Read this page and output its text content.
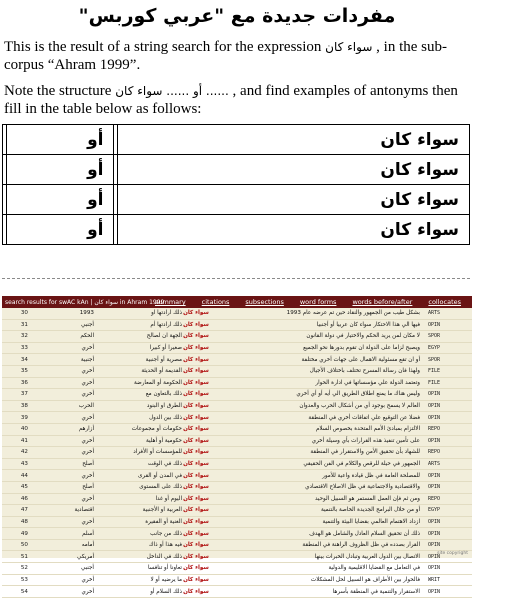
مفردات جديدة مع "عربي كوربس"
This is the result of a string search for the expression سواء كان , in the sub-corpus “Ahram 1999”.
Note the structure ...... أو ...... سواء كان , and find examples of antonyms then fill in the table below as follows:
	أو		سواء كان
	أو		سواء كان
	أو		سواء كان
	أو		سواء كان
search results for swAC kAn | سواء كان in Ahram 1999
summary citations subsections word forms words before/after collocates download
30	1993	ذلك ارادتها او سواء كان	بشكل طيب من الجمهور والنقاد حين تم عرضه عام 1993	ARTS
31	أجنبي	ذلك ارادتها أم سواء كان	فيها الي هذا الاحتكار سواء كان عربيا أو أجنبيا	OPIN
32	الحكم	الجهة ان لصالح سواء كان	لا مكان لمن يريد الحكم والاختيار في دولة القانون	SPOR
33	أخري	صغيرا أو كبيرا سواء كان	ويصبح لزاما على الدولة ان تقوم بدورها نحو الجميع	EGYP
34	أجنبية	مصرية أو أجنبية سواء كان	أو ان تقع مسئولية الاهمال على جهات أخري مختلفة	SPOR
35	أخري	القديمة أو الحديثة سواء كان	ولهذا فان رسالة المسرح تختلف باختلاف الأجيال	FILE
36	أخري	الحكومة أو المعارضة سواء كان	وتعتمد الدولة علي مؤسساتها في ادارة الحوار	FILE
37	أخري	ذلك بالتعاون مع سواء كان	وليس هناك ما يمنع اطلاق الطريق الي أيه أو أي أخري	OPIN
38	الحرب	الطرق او البنود سواء كان	العالم لا يسمح بوجود أي من أشكال الحرب والعدوان	OPIN
39	أخري	ذلك بين الدول سواء كان	فضلا عن التوقيع علي اتفاقات أخري في المنطقة	OPIN
40	أزارهم	حكومات أو مجموعات سواء كان	الالتزام بمبادئ الأمم المتحدة بخصوص السلام	REPO
41	أخري	حكومية أو أهلية سواء كان	على تأمين تنفيذ هذه القرارات بأي وسيلة أخري	OPIN
42	أخري	للمؤسسات أو الأفراد سواء كان	للشهاد بأن تحقيق الأمن والاستقرار في المنطقة	REPO
43	أصلح	ذلك في الوقت سواء كان	الجمهور في حيلة للرقص والكلام في الفن الحقيقي	ARTS
44	أخري	في المدن أو القرى سواء كان	للمصلحة العامة في ظل قيادة واعية للأمور	OPIN
45	أصلح	ذلك على المستوى سواء كان	والاقتصادية والاجتماعية في ظل الاصلاح الاقتصادي	OPIN
46	أخري	اليوم أو غدا سواء كان	ومن ثم فإن العمل المستمر هو السبيل الوحيد	REPO
47	اقتصادية	العربية او الأجنبية سواء كان	أو من خلال البرامج الجديدة الخاصة بالتنمية	EGYP
48	أخري	الغنية أو الفقيرة سواء كان	ازداد الاهتمام العالمي بقضايا البيئة والتنمية	OPIN
49	أسلم	ذلك من جانب سواء كان	ذلك أن تحقيق السلام العادل والشامل هو الهدف	OPIN
50	أمامه	فيه هذا أو ذاك سواء كان	القرار بصدده في ظل الظروف الراهنة في المنطقة	OPIN
51	أمريكي	ذلك في الداخل سواء كان	الاتصال بين الدول العربية وتبادل الخبرات بينها	OPIN
52	أجنبي	تعاونا أو تنافسا سواء كان	في التعامل مع القضايا الاقليمية والدولية	OPIN
53	أخري	ما يرضيه أو لا سواء كان	فالحوار بين الأطراف هو السبيل لحل المشكلات	WRIT
54	أخري	ذلك السلام أو سواء كان	الاستقرار والتنمية في المنطقة بأسرها	OPIN
site copyright
